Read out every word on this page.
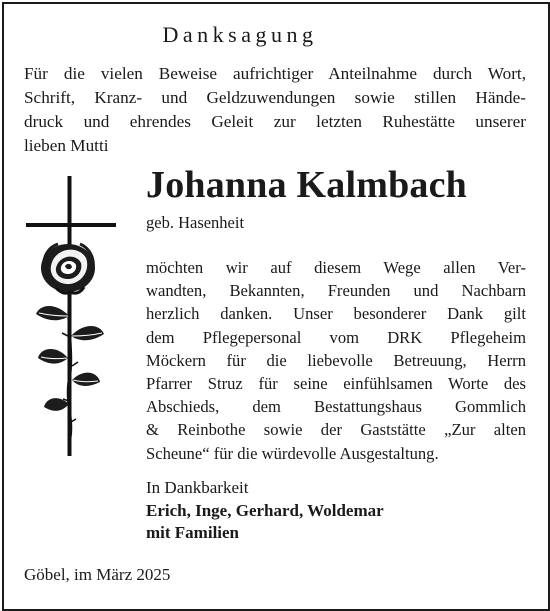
Danksagung
Für die vielen Beweise aufrichtiger Anteilnahme durch Wort,
Schrift, Kranz- und Geldzuwendungen sowie stillen Hände-
druck und ehrendes Geleit zur letzten Ruhestätte unserer
lieben Mutti
Johanna Kalmbach
geb. Hasenheit
möchten wir auf diesem Wege allen Ver-
wandten, Bekannten, Freunden und Nachbarn
herzlich danken. Unser besonderer Dank gilt
dem Pflegepersonal vom DRK Pflegeheim
Möckern für die liebevolle Betreuung, Herrn
Pfarrer Struz für seine einfühlsamen Worte des
Abschieds, dem Bestattungshaus Gommlich
& Reinbothe sowie der Gaststätte „Zur alten
Scheune“ für die würdevolle Ausgestaltung.
In Dankbarkeit
Erich, Inge, Gerhard, Woldemar
mit Familien
Göbel, im März 2025
